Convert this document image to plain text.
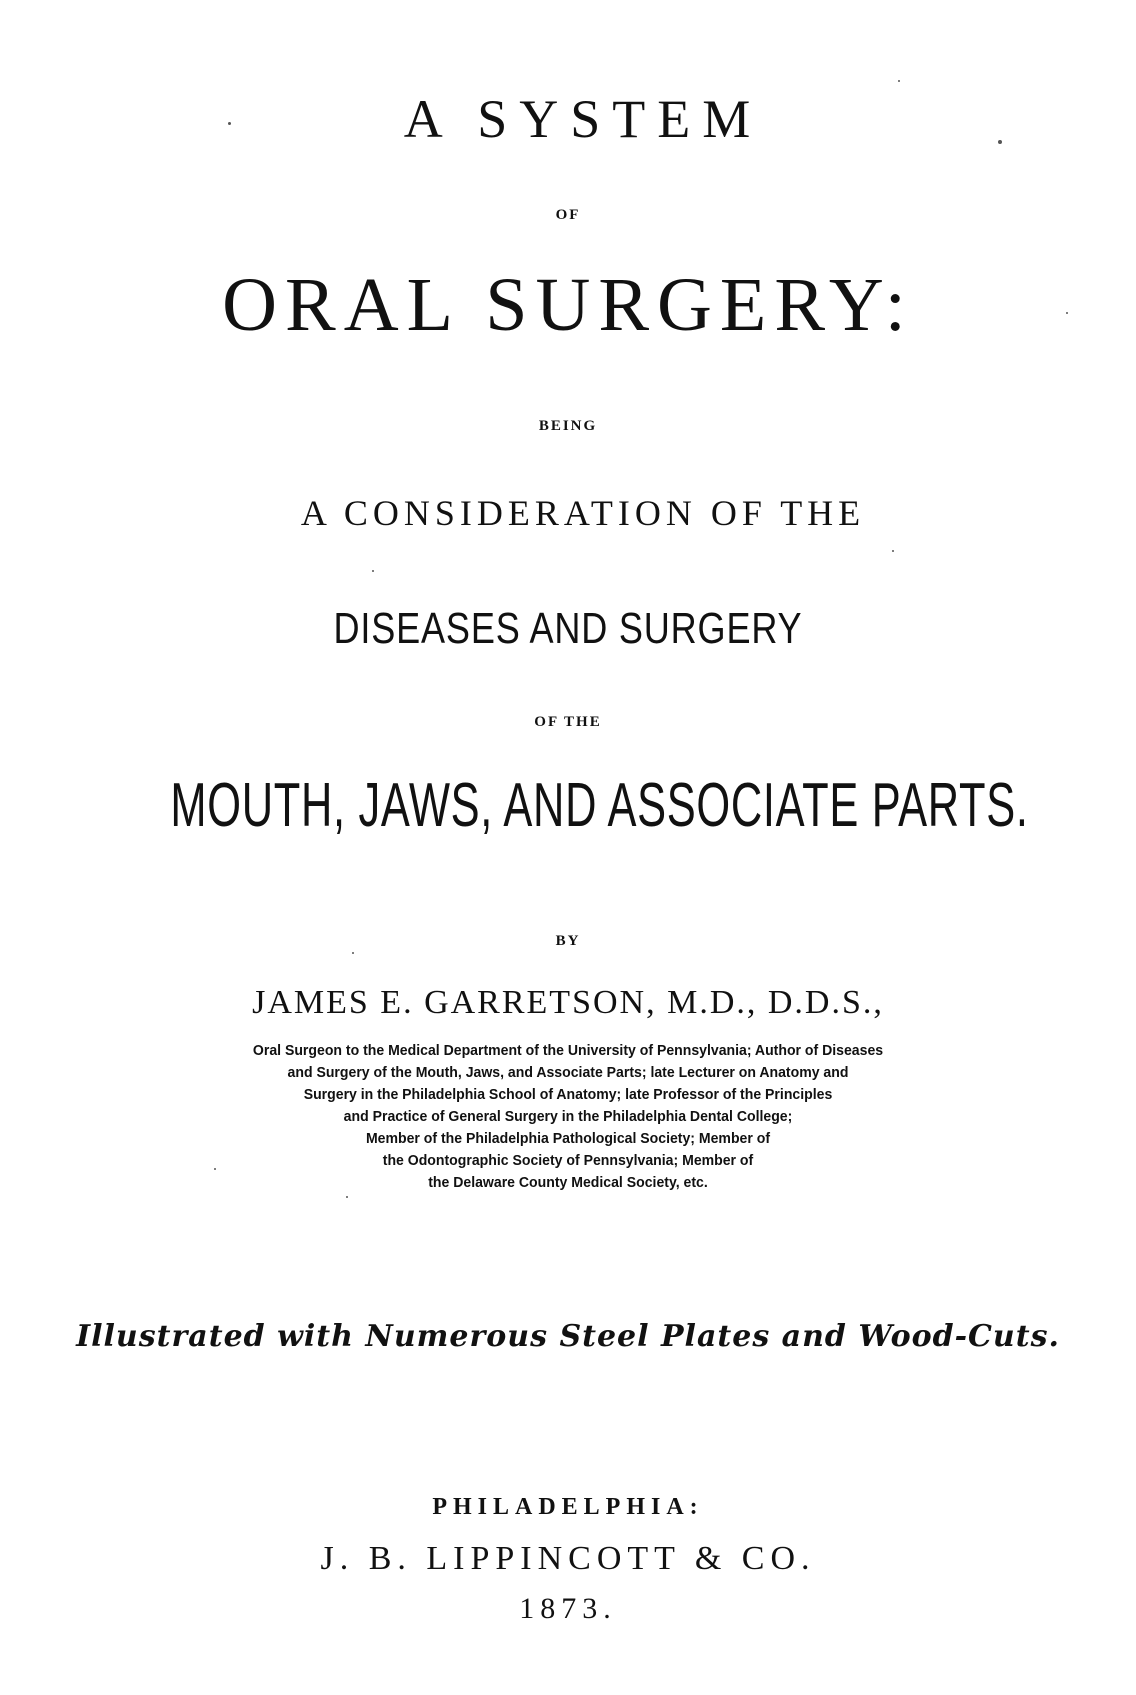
A SYSTEM
OF
ORAL SURGERY:
BEING
A CONSIDERATION OF THE
DISEASES AND SURGERY
OF THE
MOUTH, JAWS, AND ASSOCIATE PARTS.
BY
JAMES E. GARRETSON, M.D., D.D.S.,
Oral Surgeon to the Medical Department of the University of Pennsylvania; Author of Diseases
and Surgery of the Mouth, Jaws, and Associate Parts; late Lecturer on Anatomy and
Surgery in the Philadelphia School of Anatomy; late Professor of the Principles
and Practice of General Surgery in the Philadelphia Dental College;
Member of the Philadelphia Pathological Society; Member of
the Odontographic Society of Pennsylvania; Member of
the Delaware County Medical Society, etc.
Illustrated with Numerous Steel Plates and Wood-Cuts.
PHILADELPHIA:
J. B. LIPPINCOTT & CO.
1873.
